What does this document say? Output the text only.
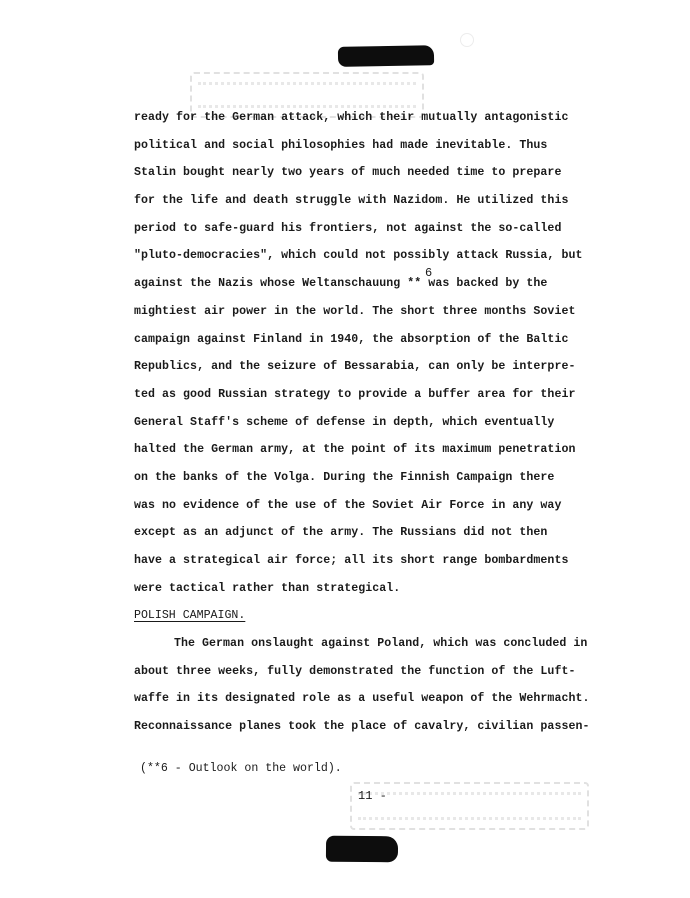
ready for the German attack, which their mutually antagonistic
political and social philosophies had made inevitable. Thus
Stalin bought nearly two years of much needed time to prepare
for the life and death struggle with Nazidom. He utilized this
period to safe-guard his frontiers, not against the so-called
"pluto-democracies", which could not possibly attack Russia, but
against the Nazis whose Weltanschauung ** was backed by the
mightiest air power in the world. The short three months Soviet
campaign against Finland in 1940, the absorption of the Baltic
Republics, and the seizure of Bessarabia, can only be interpre-
ted as good Russian strategy to provide a buffer area for their
General Staff's scheme of defense in depth, which eventually
halted the German army, at the point of its maximum penetration
on the banks of the Volga. During the Finnish Campaign there
was no evidence of the use of the Soviet Air Force in any way
except as an adjunct of the army. The Russians did not then
have a strategical air force; all its short range bombardments
were tactical rather than strategical.
POLISH CAMPAIGN.
The German onslaught against Poland, which was concluded in
about three weeks, fully demonstrated the function of the Luft-
waffe in its designated role as a useful weapon of the Wehrmacht.
Reconnaissance planes took the place of cavalry, civilian passen-
6
(**6 - Outlook on the world).
11 -
